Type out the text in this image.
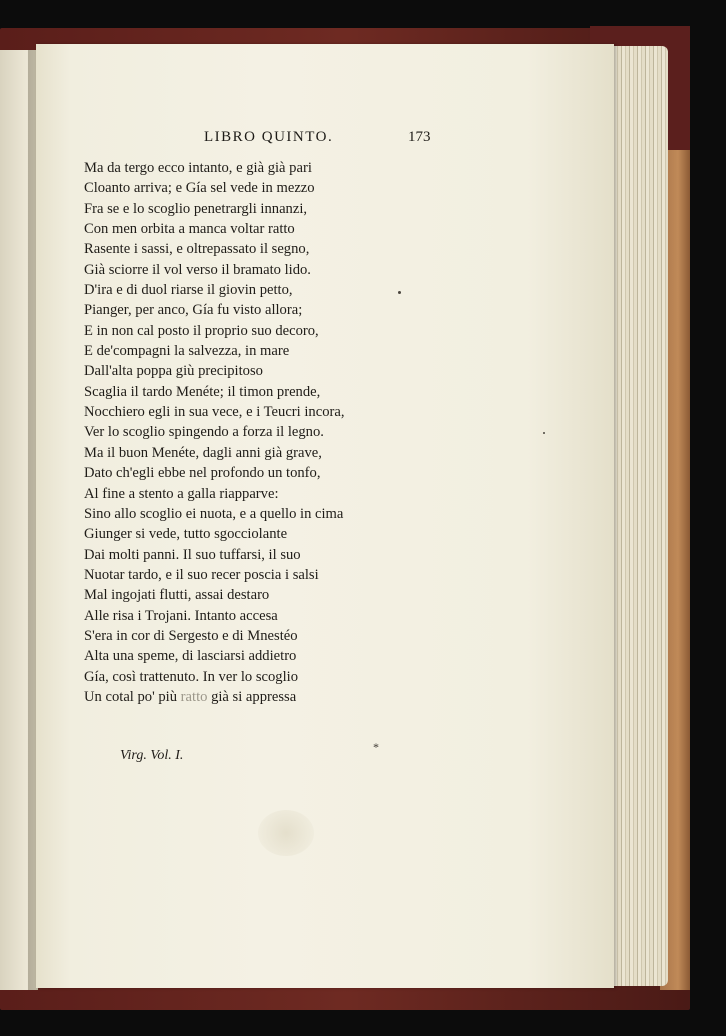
LIBRO QUINTO.	173
Ma da tergo ecco intanto, e già già pari
Cloanto arriva; e Gía sel vede in mezzo
Fra se e lo scoglio penetrargli innanzi,
Con men orbita a manca voltar ratto
Rasente i sassi, e oltrepassato il segno,
Già sciorre il vol verso il bramato lido.
D'ira e di duol riarse il giovin petto,
Pianger, per anco, Gía fu visto allora;
E in non cal posto il proprio suo decoro,
E de'compagni la salvezza, in mare
Dall'alta poppa giù precipitoso
Scaglia il tardo Menéte; il timon prende,
Nocchiero egli in sua vece, e i Teucri incora,
Ver lo scoglio spingendo a forza il legno.
Ma il buon Menéte, dagli anni già grave,
Dato ch'egli ebbe nel profondo un tonfo,
Al fine a stento a galla riapparve:
Sino allo scoglio ei nuota, e a quello in cima
Giunger si vede, tutto sgocciolante
Dai molti panni. Il suo tuffarsi, il suo
Nuotar tardo, e il suo recer poscia i salsi
Mal ingojati flutti, assai destaro
Alle risa i Trojani. Intanto accesa
S'era in cor di Sergesto e di Mnestéo
Alta una speme, di lasciarsi addietro
Gía, così trattenuto. In ver lo scoglio
Un cotal po' più ratto già si appressa
Virg. Vol. I.
*
